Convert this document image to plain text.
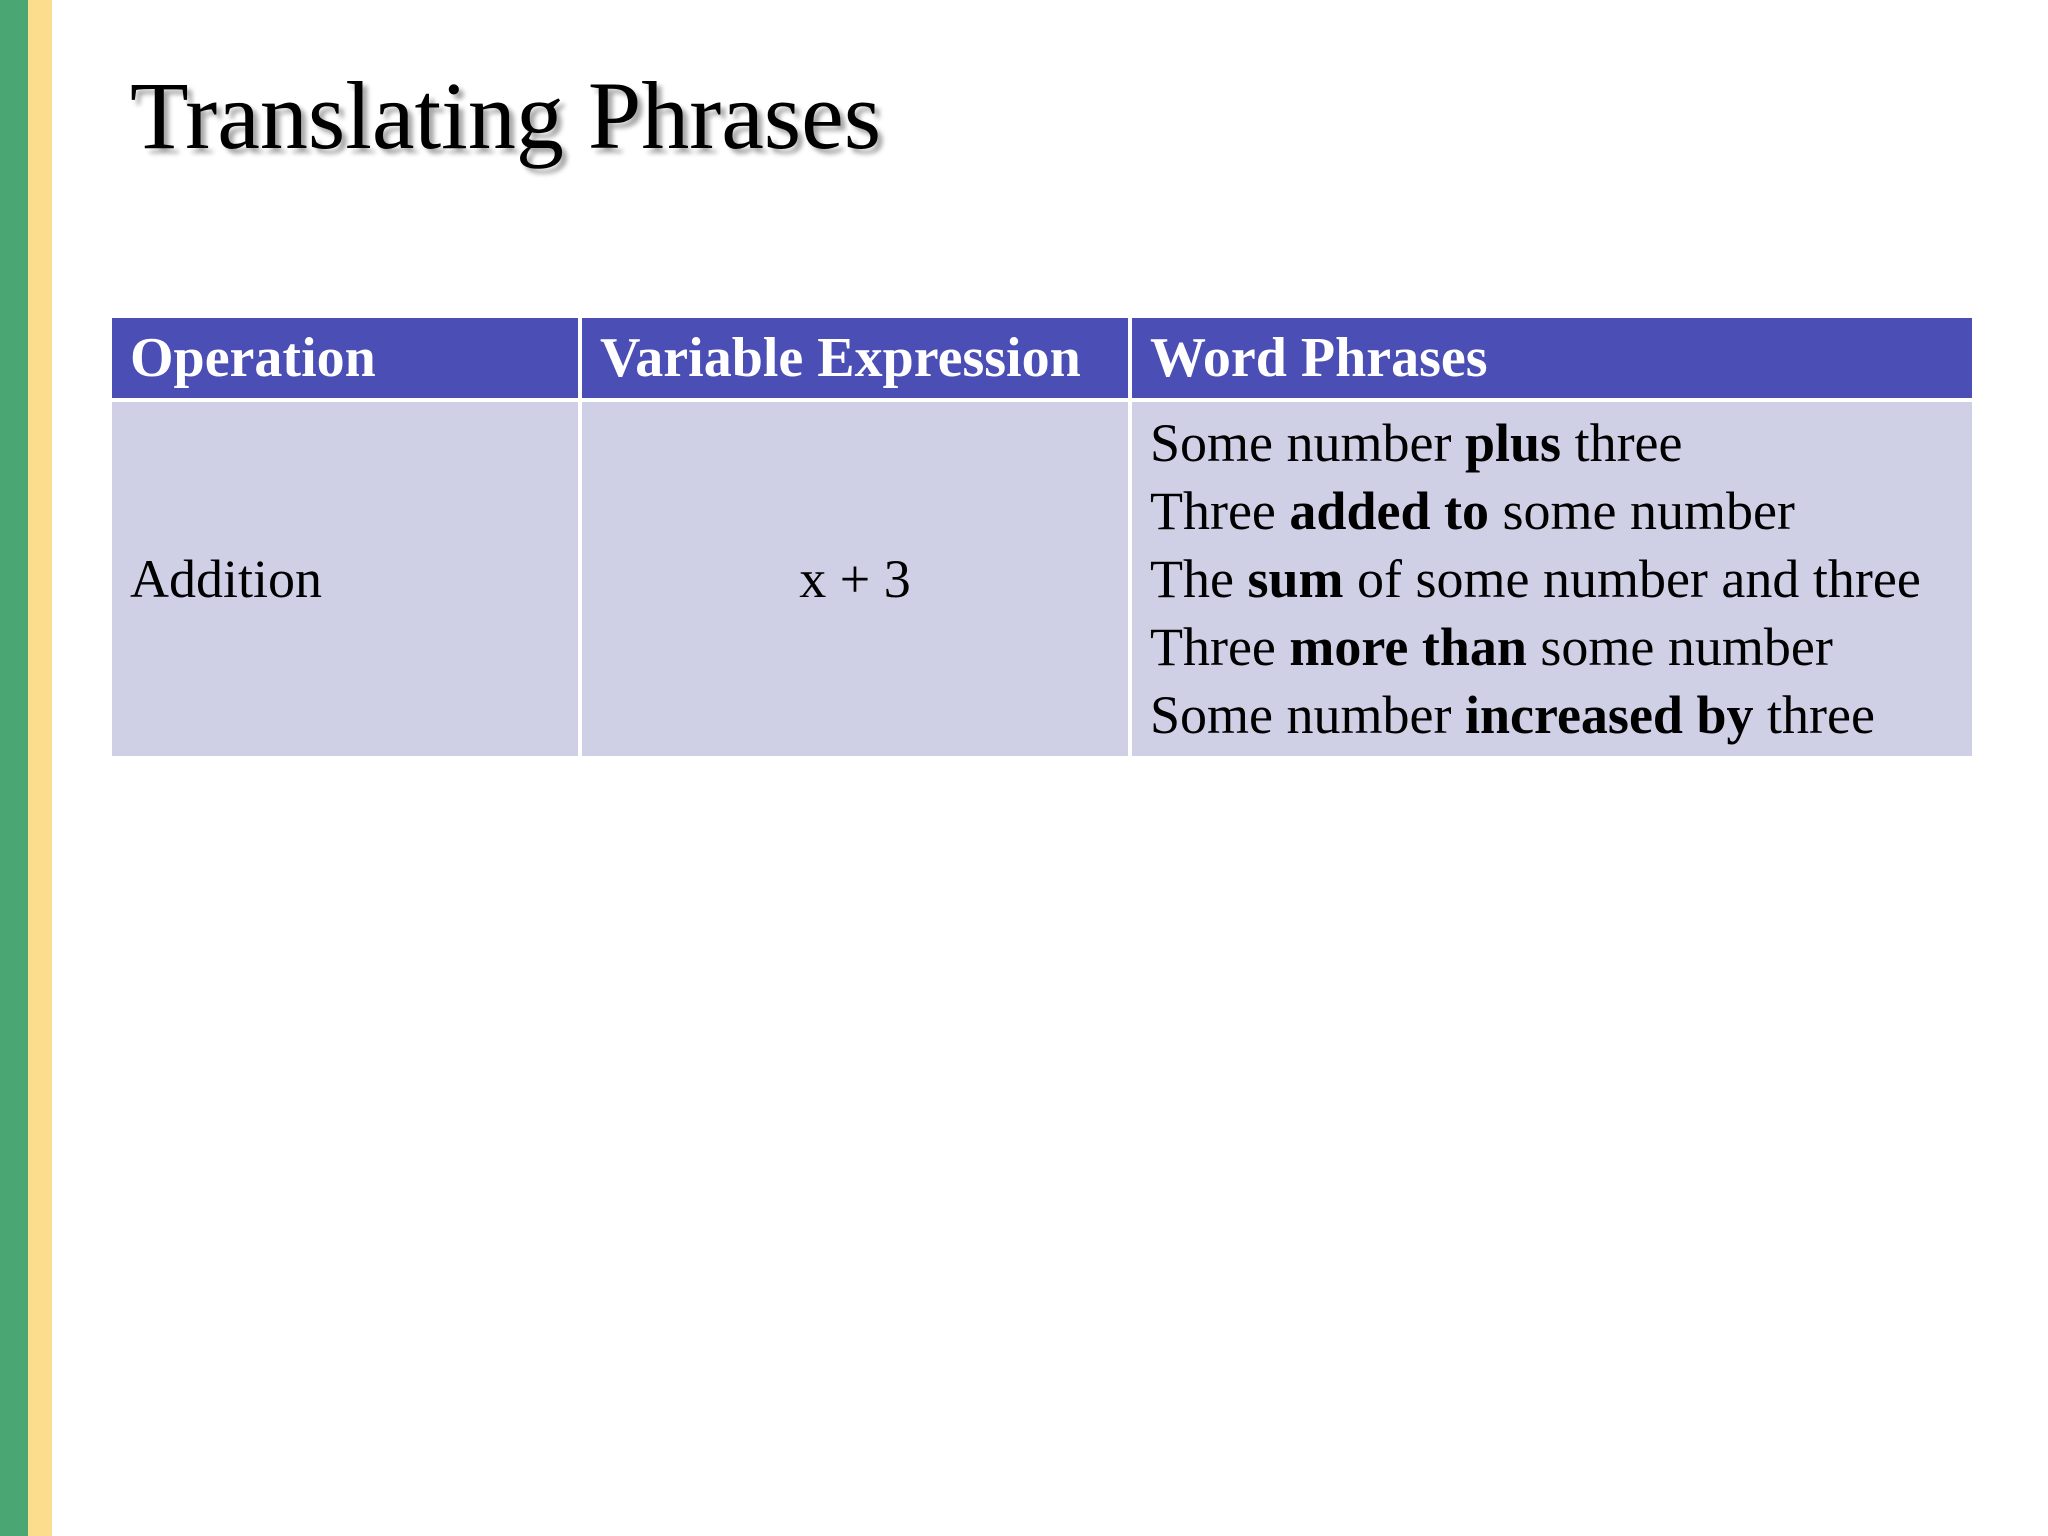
Translating Phrases
Operation	Variable Expression	Word Phrases
Addition	x + 3	Some number plus three
Three added to some number
The sum of some number and three
Three more than some number
Some number increased by three
